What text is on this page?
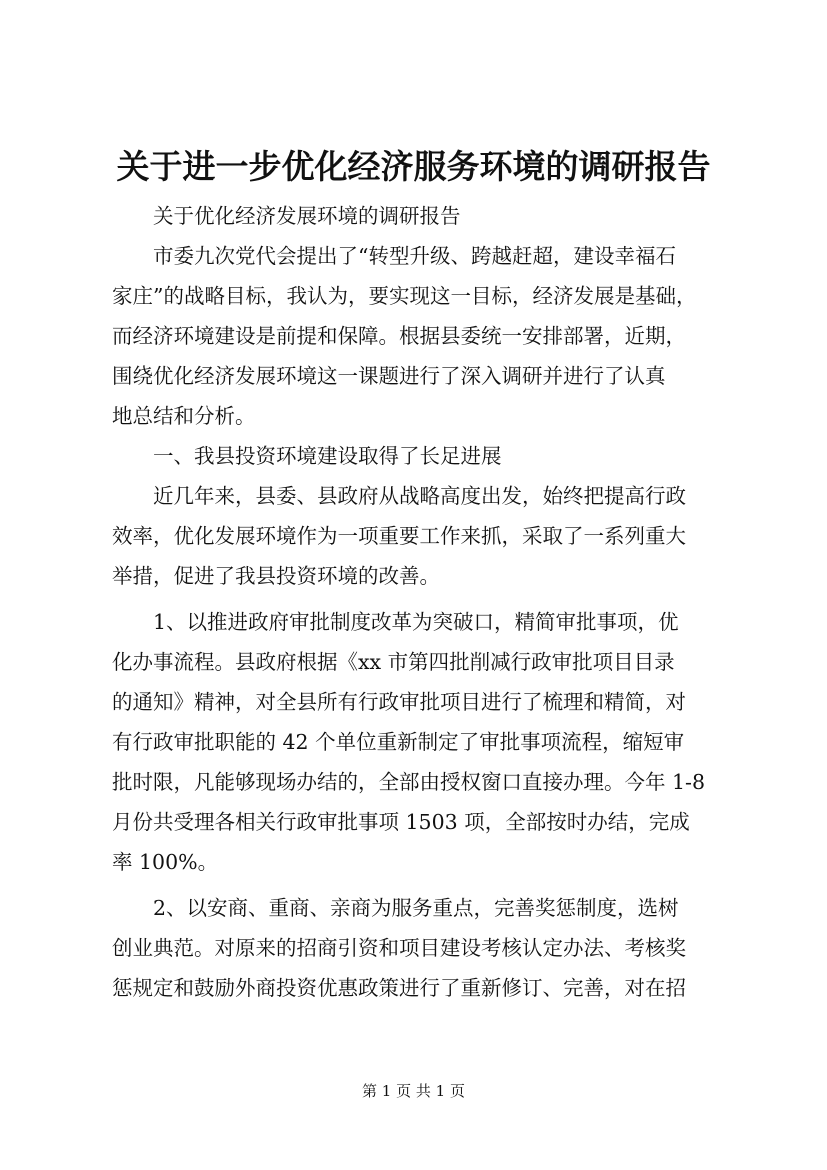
关于进一步优化经济服务环境的调研报告
关于优化经济发展环境的调研报告
市委九次党代会提出了“转型升级、跨越赶超，建设幸福石
家庄”的战略目标，我认为，要实现这一目标，经济发展是基础，
而经济环境建设是前提和保障。根据县委统一安排部署，近期，
围绕优化经济发展环境这一课题进行了深入调研并进行了认真
地总结和分析。
一、我县投资环境建设取得了长足进展
近几年来，县委、县政府从战略高度出发，始终把提高行政
效率，优化发展环境作为一项重要工作来抓，采取了一系列重大
举措，促进了我县投资环境的改善。
1、以推进政府审批制度改革为突破口，精简审批事项，优
化办事流程。县政府根据《xx 市第四批削减行政审批项目目录
的通知》精神，对全县所有行政审批项目进行了梳理和精简，对
有行政审批职能的 42 个单位重新制定了审批事项流程，缩短审
批时限，凡能够现场办结的，全部由授权窗口直接办理。今年 1-8
月份共受理各相关行政审批事项 1503 项，全部按时办结，完成
率 100%。
2、以安商、重商、亲商为服务重点，完善奖惩制度，选树
创业典范。对原来的招商引资和项目建设考核认定办法、考核奖
惩规定和鼓励外商投资优惠政策进行了重新修订、完善，对在招
第 1 页 共 1 页
